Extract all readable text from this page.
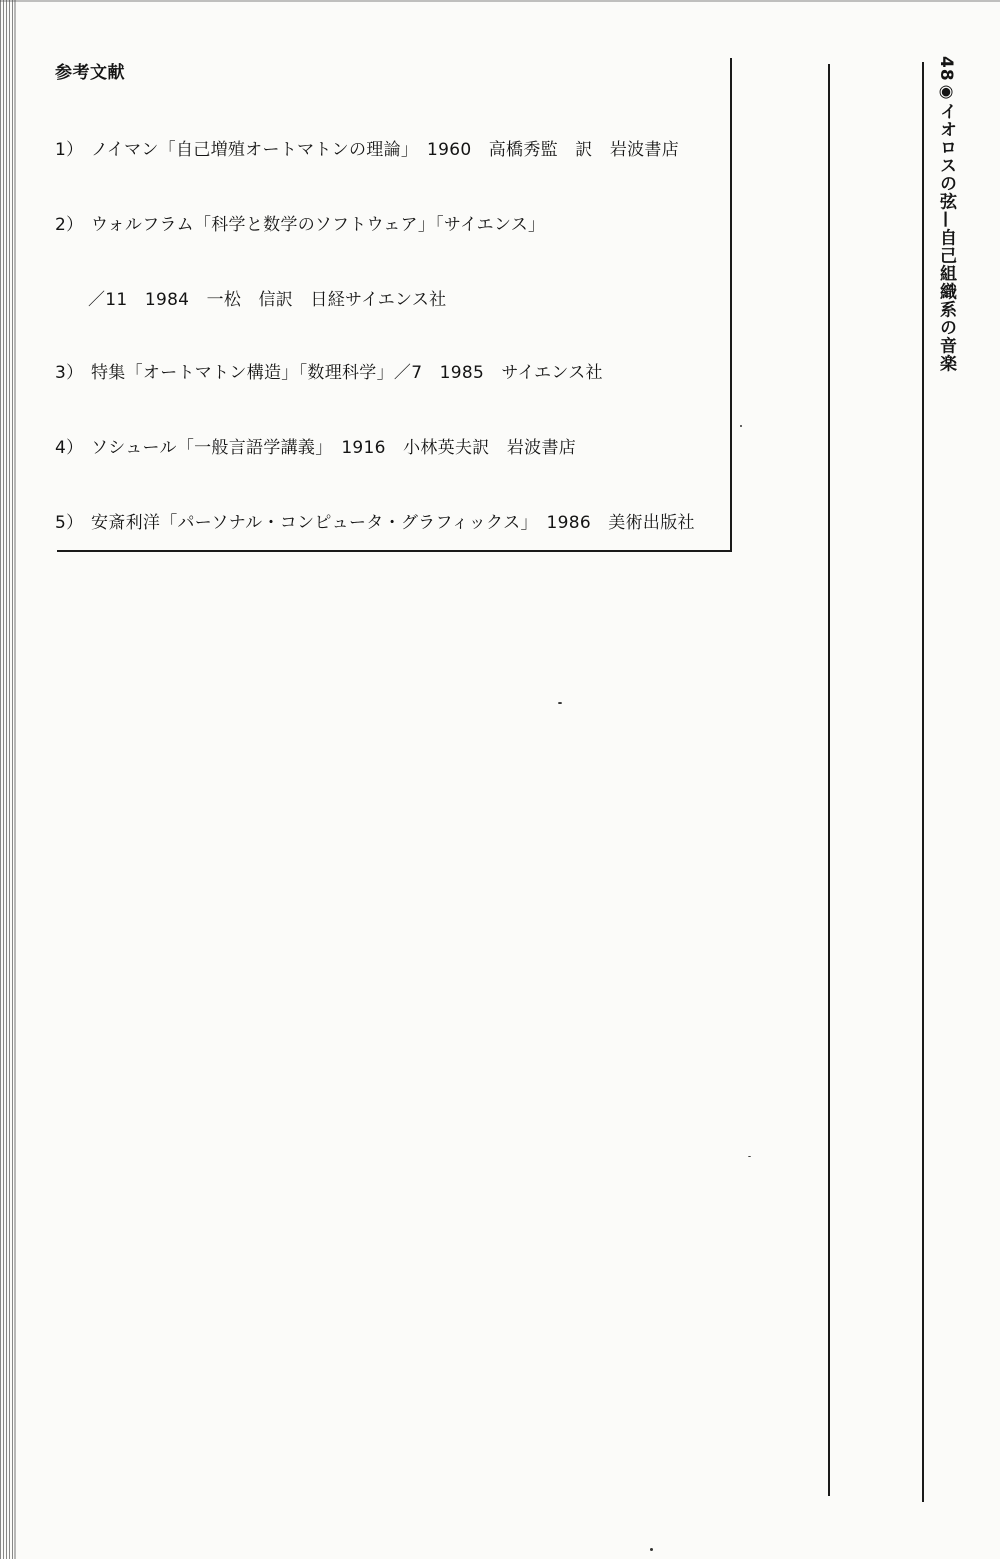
参考文献
1） ノイマン「自己増殖オートマトンの理論」　1960　高橋秀監　訳　岩波書店
2） ウォルフラム「科学と数学のソフトウェア」「サイエンス」
／11　1984　一松　信訳　日経サイエンス社
3） 特集「オートマトン構造」「数理科学」／7　1985　サイエンス社
4） ソシュール「一般言語学講義」　1916　小林英夫訳　岩波書店
5） 安斎利洋「パーソナル・コンピュータ・グラフィックス」　1986　美術出版社
48◉イオロスの弦—自己組織系の音楽
